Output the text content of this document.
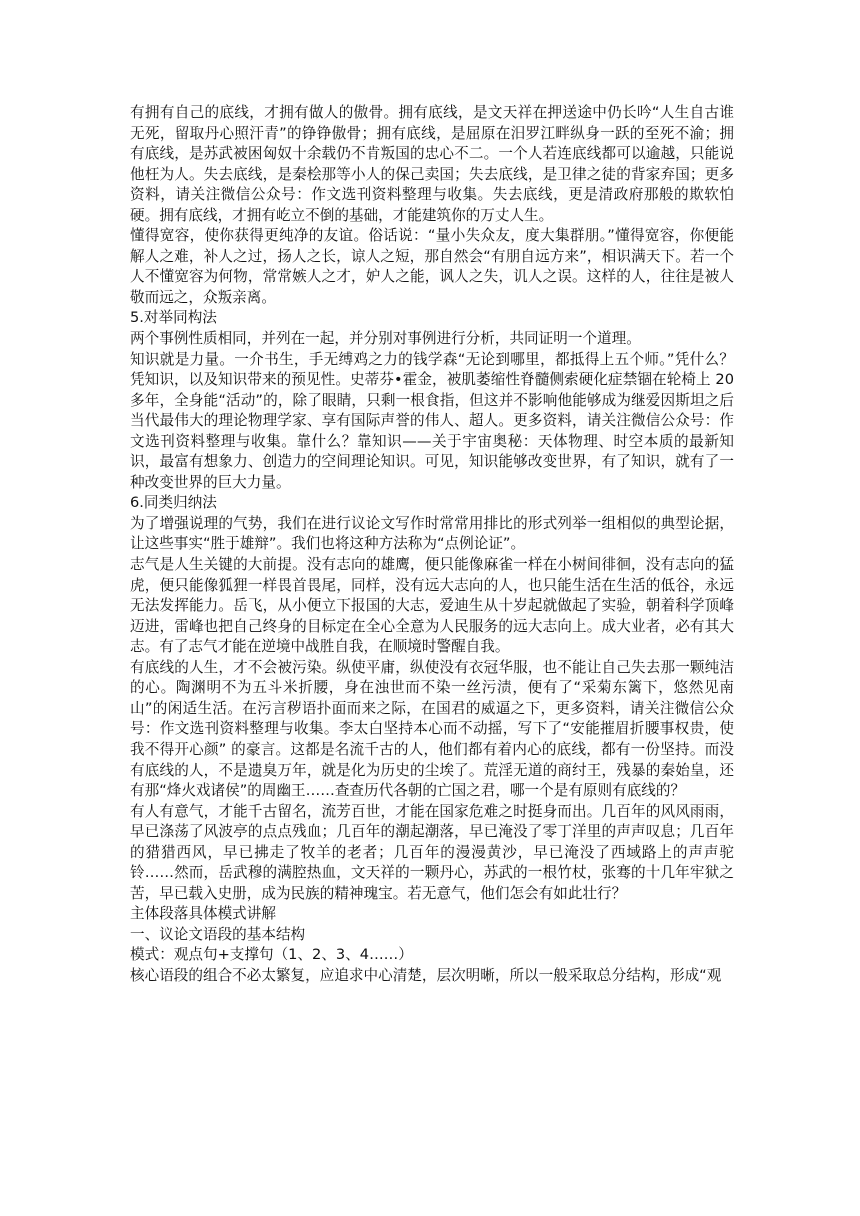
有拥有自己的底线，才拥有做人的傲骨。拥有底线，是文天祥在押送途中仍长吟“人生自古谁无死，留取丹心照汗青”的铮铮傲骨；拥有底线，是屈原在汨罗江畔纵身一跃的至死不渝；拥有底线，是苏武被困匈奴十余载仍不肯叛国的忠心不二。一个人若连底线都可以逾越，只能说他枉为人。失去底线，是秦桧那等小人的保己卖国；失去底线，是卫律之徒的背家弃国；更多资料，请关注微信公众号：作文选刊资料整理与收集。失去底线，更是清政府那般的欺软怕硬。拥有底线，才拥有屹立不倒的基础，才能建筑你的万丈人生。

懂得宽容，使你获得更纯净的友谊。俗话说：“量小失众友，度大集群朋。”懂得宽容，你便能解人之难，补人之过，扬人之长，谅人之短，那自然会“有朋自远方来”，相识满天下。若一个人不懂宽容为何物，常常嫉人之才，妒人之能，讽人之失，讥人之误。这样的人，往往是被人敬而远之，众叛亲离。

5.对举同构法

两个事例性质相同，并列在一起，并分别对事例进行分析，共同证明一个道理。

知识就是力量。一介书生，手无缚鸡之力的钱学森“无论到哪里，都抵得上五个师。”凭什么？凭知识，以及知识带来的预见性。史蒂芬•霍金，被肌萎缩性脊髓侧索硬化症禁锢在轮椅上 20 多年，全身能“活动”的，除了眼睛，只剩一根食指，但这并不影响他能够成为继爱因斯坦之后当代最伟大的理论物理学家、享有国际声誉的伟人、超人。更多资料，请关注微信公众号：作文选刊资料整理与收集。靠什么？靠知识——关于宇宙奥秘：天体物理、时空本质的最新知识，最富有想象力、创造力的空间理论知识。可见，知识能够改变世界，有了知识，就有了一种改变世界的巨大力量。

6.同类归纳法

为了增强说理的气势，我们在进行议论文写作时常常用排比的形式列举一组相似的典型论据，让这些事实“胜于雄辩”。我们也将这种方法称为“点例论证”。

志气是人生关键的大前提。没有志向的雄鹰，便只能像麻雀一样在小树间徘徊，没有志向的猛虎，便只能像狐狸一样畏首畏尾，同样，没有远大志向的人，也只能生活在生活的低谷，永远无法发挥能力。岳飞，从小便立下报国的大志，爱迪生从十岁起就做起了实验，朝着科学顶峰迈进，雷峰也把自己终身的目标定在全心全意为人民服务的远大志向上。成大业者，必有其大志。有了志气才能在逆境中战胜自我，在顺境时警醒自我。

有底线的人生，才不会被污染。纵使平庸，纵使没有衣冠华服，也不能让自己失去那一颗纯洁的心。陶渊明不为五斗米折腰，身在浊世而不染一丝污渍，便有了“采菊东篱下，悠然见南山”的闲适生活。在污言秽语扑面而来之际，在国君的威逼之下，更多资料，请关注微信公众号：作文选刊资料整理与收集。李太白坚持本心而不动摇，写下了“安能摧眉折腰事权贵，使我不得开心颜” 的豪言。这都是名流千古的人，他们都有着内心的底线，都有一份坚持。而没有底线的人，不是遗臭万年，就是化为历史的尘埃了。荒淫无道的商纣王，残暴的秦始皇，还有那“烽火戏诸侯”的周幽王……查查历代各朝的亡国之君，哪一个是有原则有底线的？

有人有意气，才能千古留名，流芳百世，才能在国家危难之时挺身而出。几百年的风风雨雨，早已涤荡了风波亭的点点残血；几百年的潮起潮落，早已淹没了零丁洋里的声声叹息；几百年的猎猎西风，早已拂走了牧羊的老者；几百年的漫漫黄沙，早已淹没了西域路上的声声驼铃……然而，岳武穆的满腔热血，文天祥的一颗丹心，苏武的一根竹杖，张骞的十几年牢狱之苦，早已载入史册，成为民族的精神瑰宝。若无意气，他们怎会有如此壮行？

主体段落具体模式讲解

一、议论文语段的基本结构

模式：观点句+支撑句（1、2、3、4……）

核心语段的组合不必太繁复，应追求中心清楚，层次明晰，所以一般采取总分结构，形成“观
